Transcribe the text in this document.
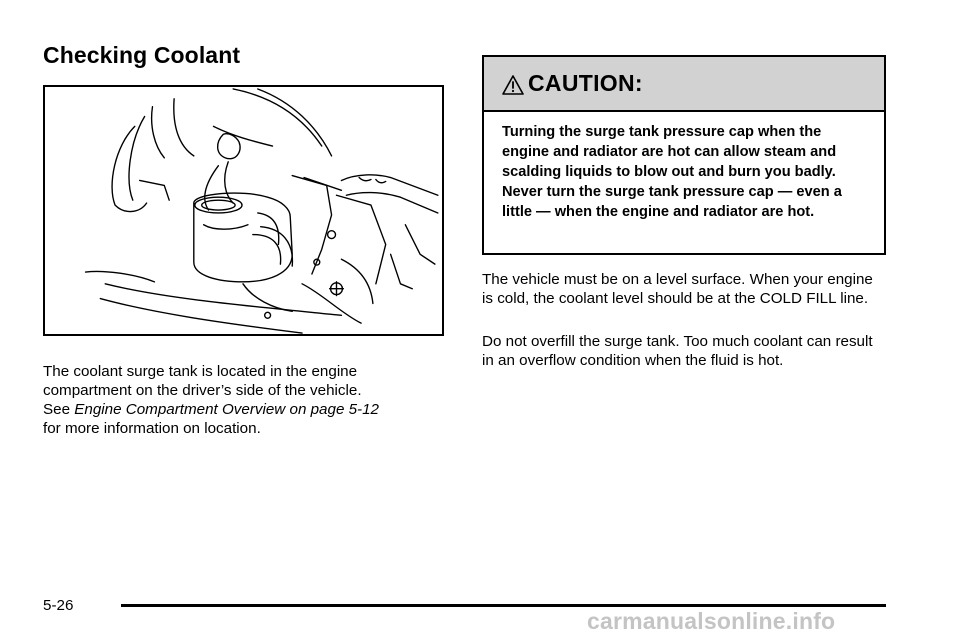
Checking Coolant

The coolant surge tank is located in the engine compartment on the driver’s side of the vehicle.
See Engine Compartment Overview on page 5-12
for more information on location.

CAUTION:

Turning the surge tank pressure cap when the engine and radiator are hot can allow steam and scalding liquids to blow out and burn you badly. Never turn the surge tank pressure cap — even a little — when the engine and radiator are hot.

The vehicle must be on a level surface. When your engine is cold, the coolant level should be at the COLD FILL line.

Do not overfill the surge tank. Too much coolant can result in an overflow condition when the fluid is hot.

5-26
carmanualsonline.info
